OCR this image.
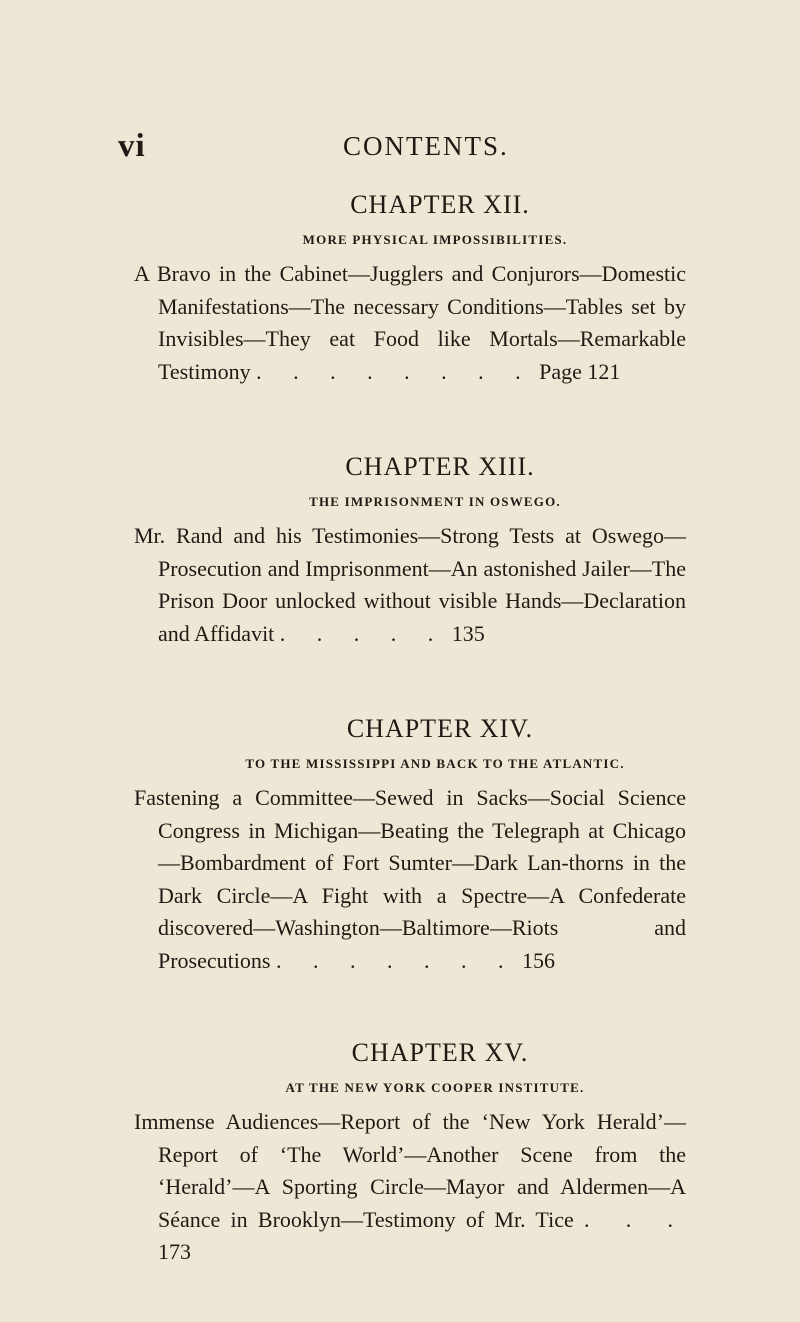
vi	CONTENTS.
CHAPTER XII.
MORE PHYSICAL IMPOSSIBILITIES.

A Bravo in the Cabinet—Jugglers and Conjurors—Domestic Manifestations—The necessary Conditions—Tables set by Invisibles—They eat Food like Mortals—Remarkable Testimony . . . . . . . . Page 121

CHAPTER XIII.
THE IMPRISONMENT IN OSWEGO.

Mr. Rand and his Testimonies—Strong Tests at Oswego—Prosecution and Imprisonment—An astonished Jailer—The Prison Door unlocked without visible Hands—Declaration and Affidavit . . . . . 135

CHAPTER XIV.
TO THE MISSISSIPPI AND BACK TO THE ATLANTIC.

Fastening a Committee—Sewed in Sacks—Social Science Congress in Michigan—Beating the Telegraph at Chicago—Bombardment of Fort Sumter—Dark Lan-thorns in the Dark Circle—A Fight with a Spectre—A Confederate discovered—Washington—Baltimore—Riots and Prosecutions . . . . . . . 156

CHAPTER XV.
AT THE NEW YORK COOPER INSTITUTE.

Immense Audiences—Report of the ‘New York Herald’—Report of ‘The World’—Another Scene from the ‘Herald’—A Sporting Circle—Mayor and Aldermen—A Séance in Brooklyn—Testimony of Mr. Tice . . . 173
